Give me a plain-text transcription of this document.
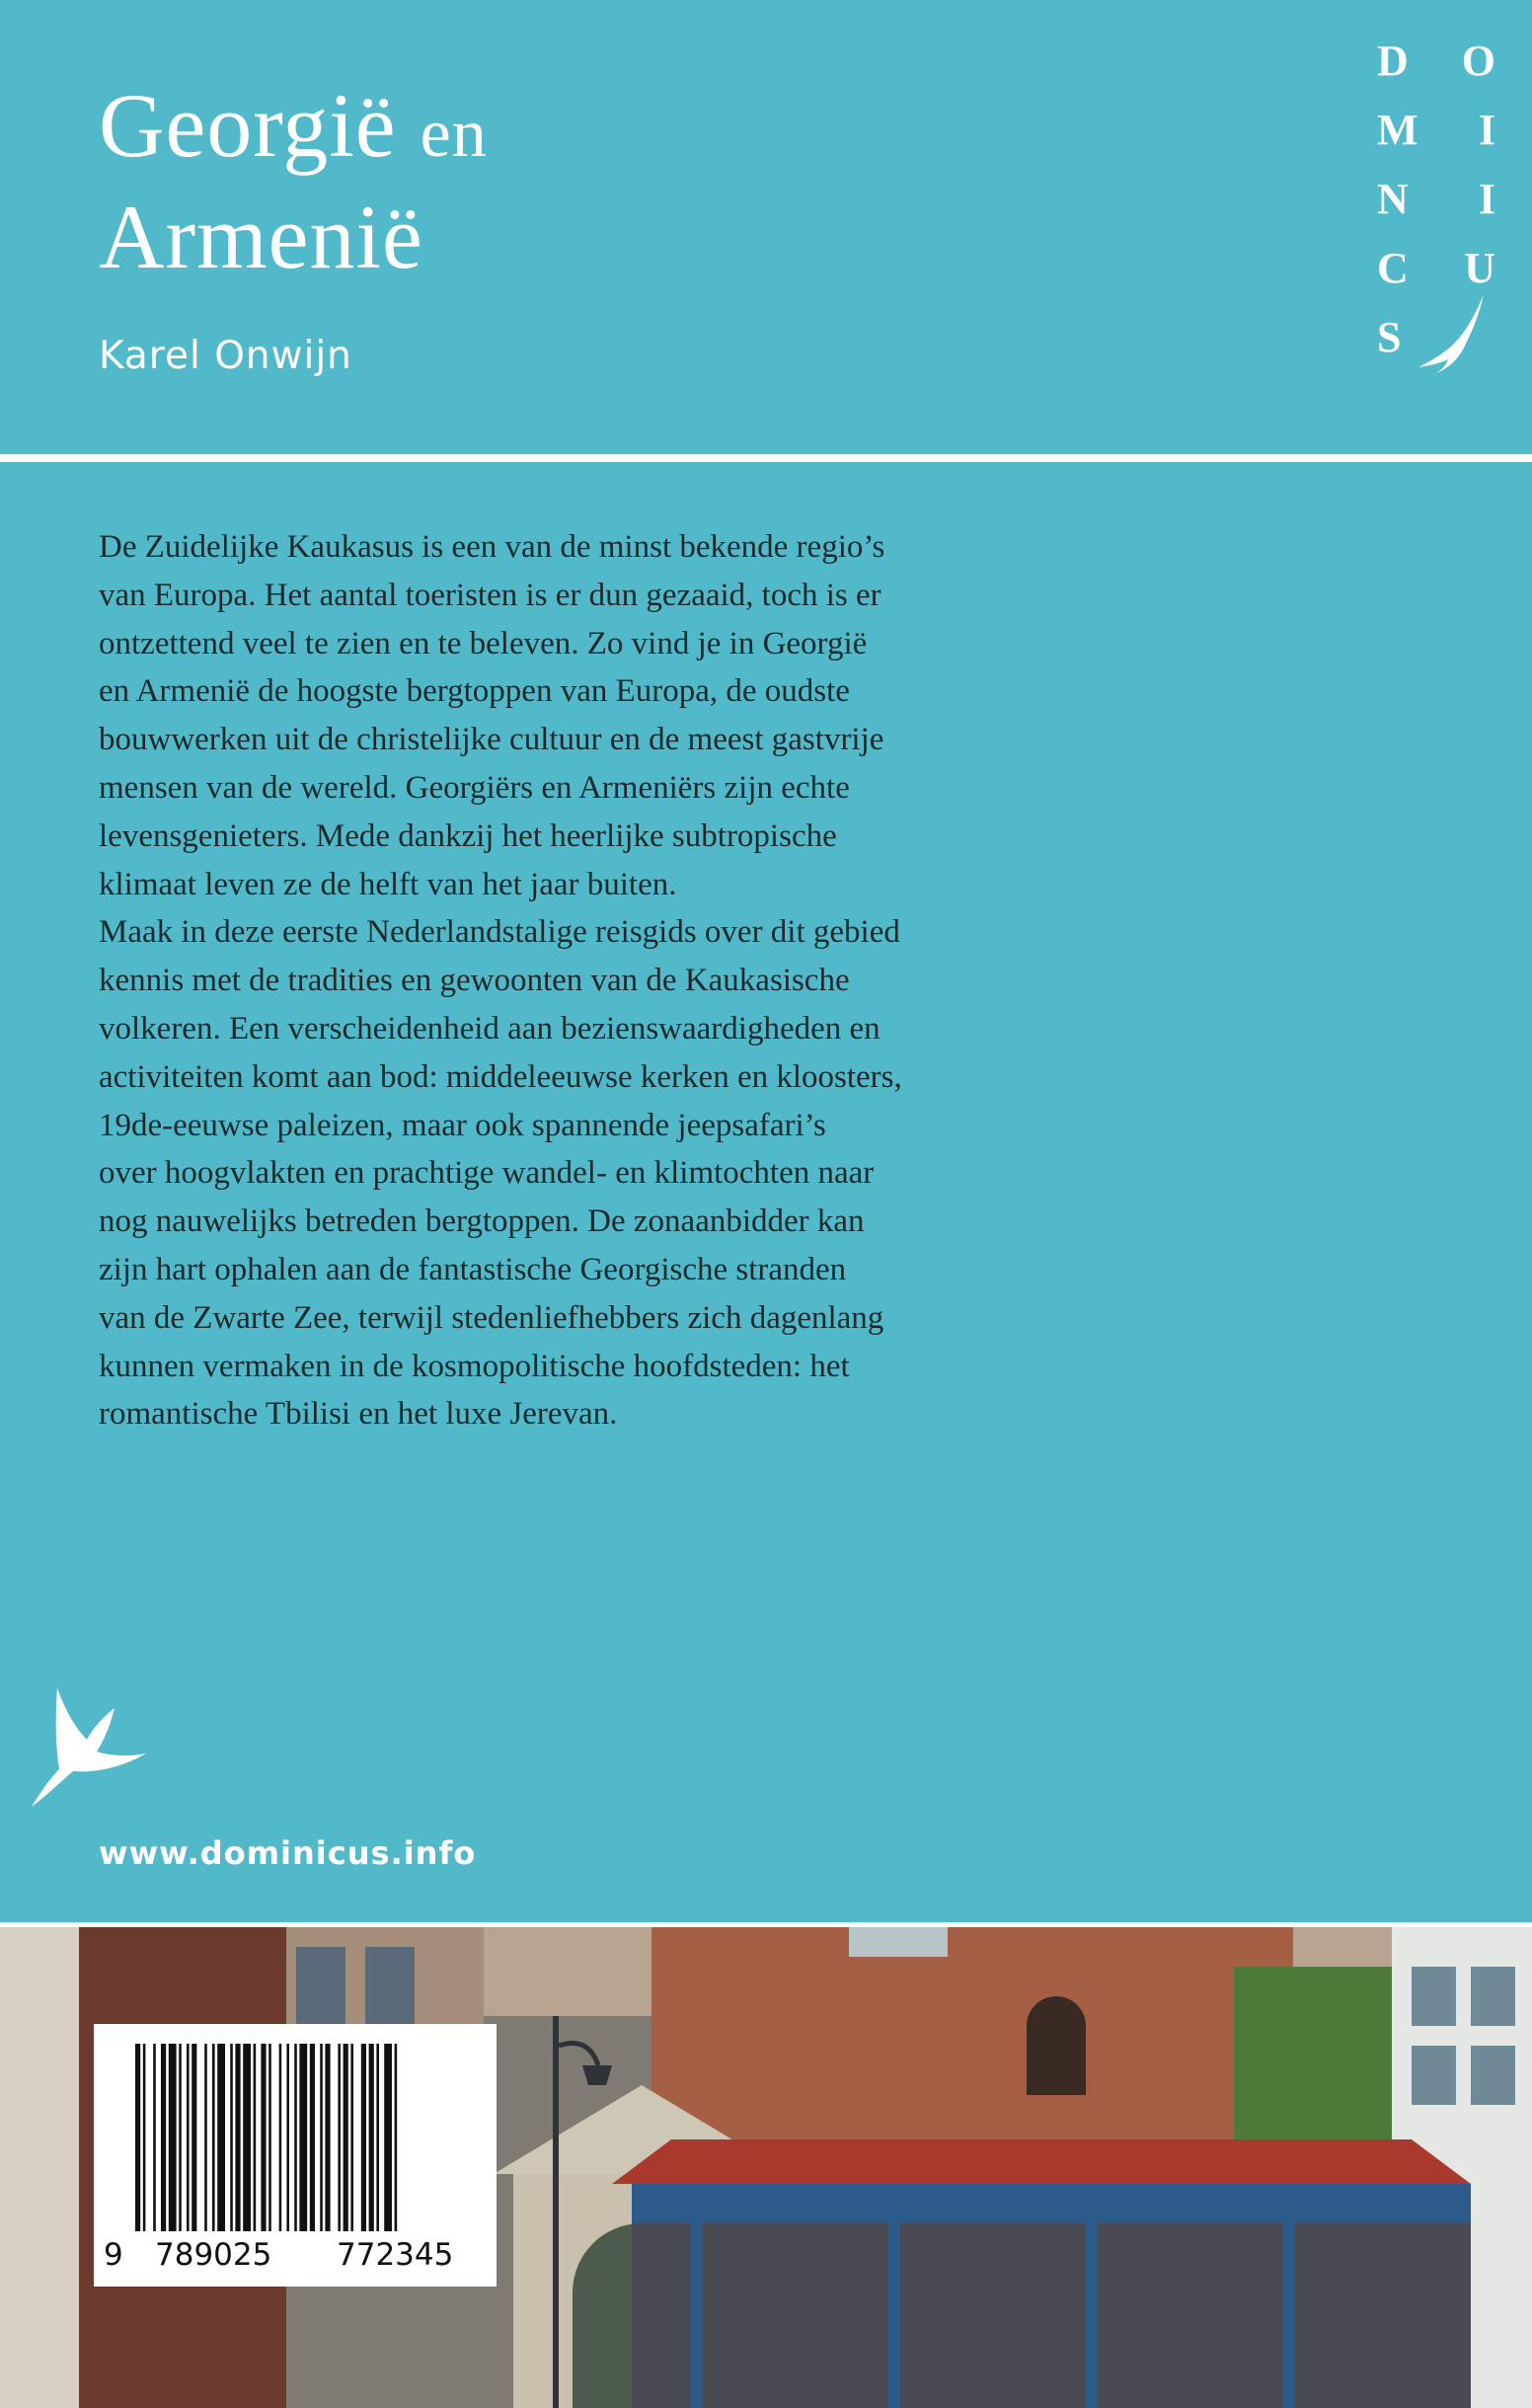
Georgië en
Armenië
Karel Onwijn
D O
M I
N I
C U
S

De Zuidelijke Kaukasus is een van de minst bekende regio’s

van Europa. Het aantal toeristen is er dun gezaaid, toch is er

ontzettend veel te zien en te beleven. Zo vind je in Georgië

en Armenië de hoogste bergtoppen van Europa, de oudste

bouwwerken uit de christelijke cultuur en de meest gastvrije

mensen van de wereld. Georgiërs en Armeniërs zijn echte

levensgenieters. Mede dankzij het heerlijke subtropische

klimaat leven ze de helft van het jaar buiten.

Maak in deze eerste Nederlandstalige reisgids over dit gebied

kennis met de tradities en gewoonten van de Kaukasische

volkeren. Een verscheidenheid aan bezienswaardigheden en

activiteiten komt aan bod: middeleeuwse kerken en kloosters,

19de-eeuwse paleizen, maar ook spannende jeepsafari’s

over hoogvlakten en prachtige wandel- en klimtochten naar

nog nauwelijks betreden bergtoppen. De zonaanbidder kan

zijn hart ophalen aan de fantastische Georgische stranden

van de Zwarte Zee, terwijl stedenliefhebbers zich dagenlang

kunnen vermaken in de kosmopolitische hoofdsteden: het

romantische Tbilisi en het luxe Jerevan.

www.dominicus.info
9 789025 772345
